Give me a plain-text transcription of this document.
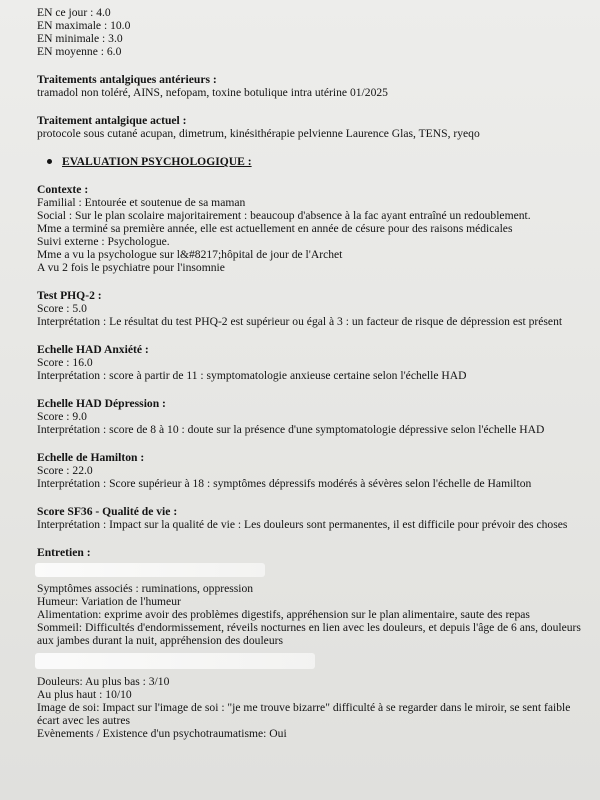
EN ce jour : 4.0
EN maximale : 10.0
EN minimale : 3.0
EN moyenne : 6.0
Traitements antalgiques antérieurs :
tramadol non toléré, AINS, nefopam, toxine botulique intra utérine 01/2025
Traitement antalgique actuel :
protocole sous cutané acupan, dimetrum, kinésithérapie pelvienne Laurence Glas, TENS, ryeqo
EVALUATION PSYCHOLOGIQUE :
Contexte :
Familial : Entourée et soutenue de sa maman
Social : Sur le plan scolaire majoritairement : beaucoup d'absence à la fac ayant entraîné un redoublement.
Mme a terminé sa première année, elle est actuellement en année de césure pour des raisons médicales
Suivi externe : Psychologue.
Mme a vu la psychologue sur l&#8217;hôpital de jour de l'Archet
A vu 2 fois le psychiatre pour l'insomnie
Test PHQ-2 :
Score : 5.0
Interprétation : Le résultat du test PHQ-2 est supérieur ou égal à 3 : un facteur de risque de dépression est présent
Echelle HAD Anxiété :
Score : 16.0
Interprétation : score à partir de 11 : symptomatologie anxieuse certaine selon l'échelle HAD
Echelle HAD Dépression :
Score : 9.0
Interprétation : score de 8 à 10 : doute sur la présence d'une symptomatologie dépressive selon l'échelle HAD
Echelle de Hamilton :
Score : 22.0
Interprétation : Score supérieur à 18 : symptômes dépressifs modérés à sévères selon l'échelle de Hamilton
Score SF36 - Qualité de vie :
Interprétation : Impact sur la qualité de vie : Les douleurs sont permanentes, il est difficile pour prévoir des choses
Entretien :
Symptômes associés : ruminations, oppression
Humeur: Variation de l'humeur
Alimentation: exprime avoir des problèmes digestifs, appréhension sur le plan alimentaire, saute des repas
Sommeil: Difficultés d'endormissement, réveils nocturnes en lien avec les douleurs, et depuis l'âge de 6 ans, douleurs aux jambes durant la nuit, appréhension des douleurs
Douleurs: Au plus bas : 3/10
Au plus haut : 10/10
Image de soi: Impact sur l'image de soi : "je me trouve bizarre" difficulté à se regarder dans le miroir, se sent faible
écart avec les autres
Evènements / Existence d'un psychotraumatisme: Oui
